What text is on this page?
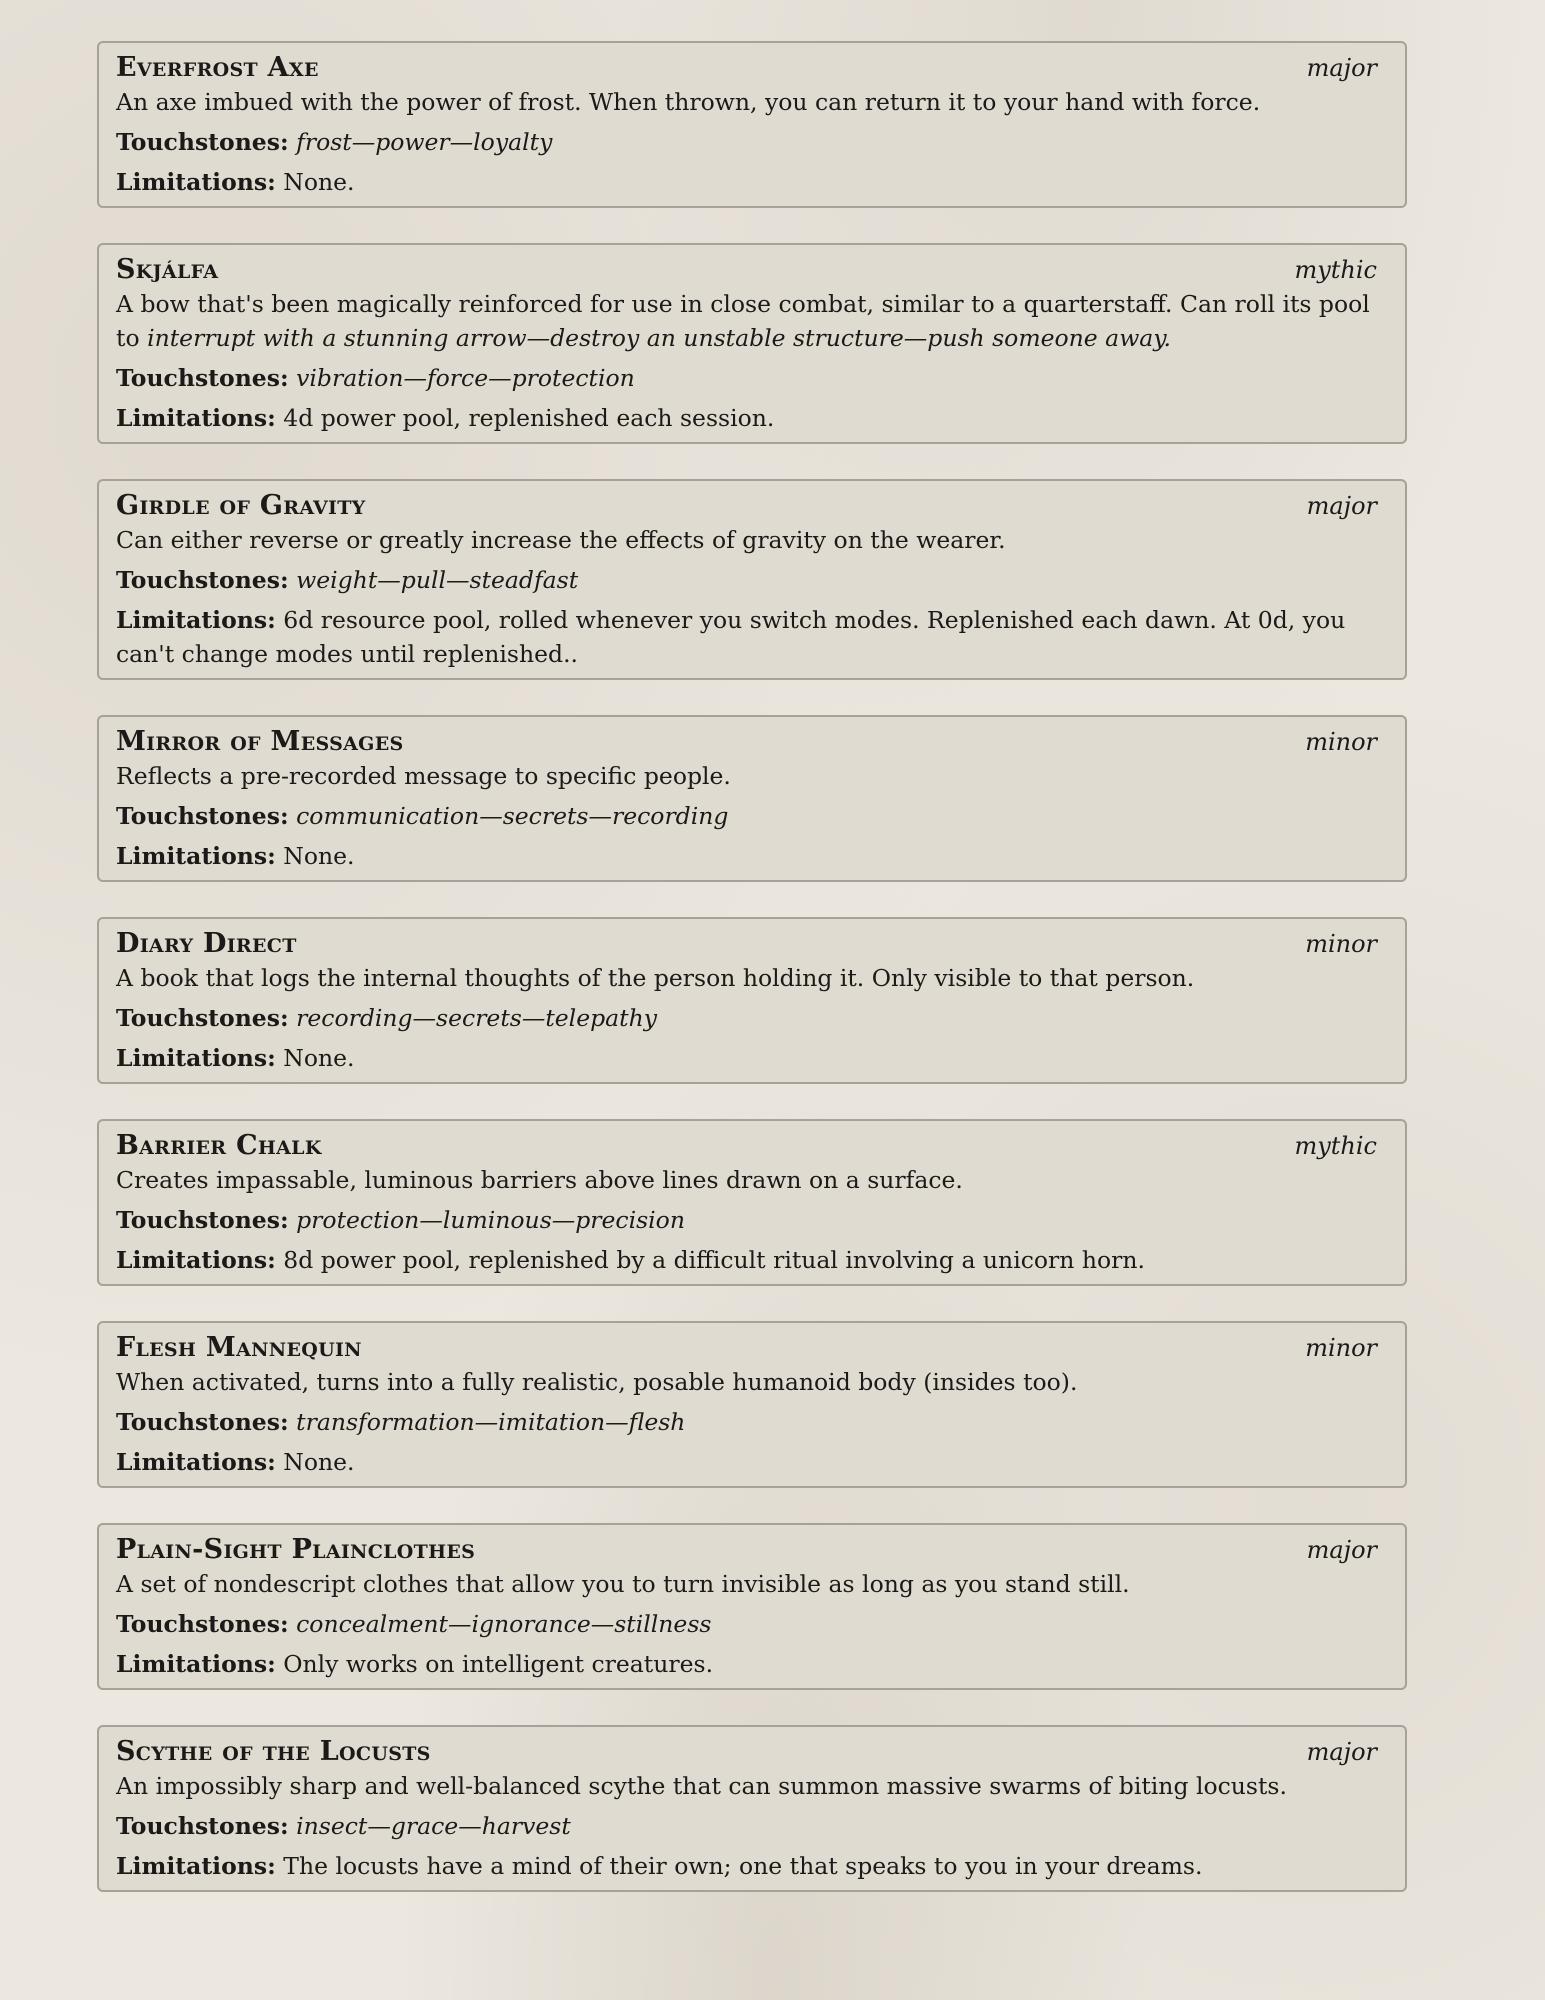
Everfrost Axe	major
An axe imbued with the power of frost. When thrown, you can return it to your hand with force.
Touchstones: frost—power—loyalty
Limitations: None.
Skjálfa	mythic
A bow that's been magically reinforced for use in close combat, similar to a quarterstaff. Can roll its pool to interrupt with a stunning arrow—destroy an unstable structure—push someone away.
Touchstones: vibration—force—protection
Limitations: 4d power pool, replenished each session.
Girdle of Gravity	major
Can either reverse or greatly increase the effects of gravity on the wearer.
Touchstones: weight—pull—steadfast
Limitations: 6d resource pool, rolled whenever you switch modes. Replenished each dawn. At 0d, you can't change modes until replenished..
Mirror of Messages	minor
Reflects a pre-recorded message to specific people.
Touchstones: communication—secrets—recording
Limitations: None.
Diary Direct	minor
A book that logs the internal thoughts of the person holding it. Only visible to that person.
Touchstones: recording—secrets—telepathy
Limitations: None.
Barrier Chalk	mythic
Creates impassable, luminous barriers above lines drawn on a surface.
Touchstones: protection—luminous—precision
Limitations: 8d power pool, replenished by a difficult ritual involving a unicorn horn.
Flesh Mannequin	minor
When activated, turns into a fully realistic, posable humanoid body (insides too).
Touchstones: transformation—imitation—flesh
Limitations: None.
Plain-Sight Plainclothes	major
A set of nondescript clothes that allow you to turn invisible as long as you stand still.
Touchstones: concealment—ignorance—stillness
Limitations: Only works on intelligent creatures.
Scythe of the Locusts	major
An impossibly sharp and well-balanced scythe that can summon massive swarms of biting locusts.
Touchstones: insect—grace—harvest
Limitations: The locusts have a mind of their own; one that speaks to you in your dreams.
